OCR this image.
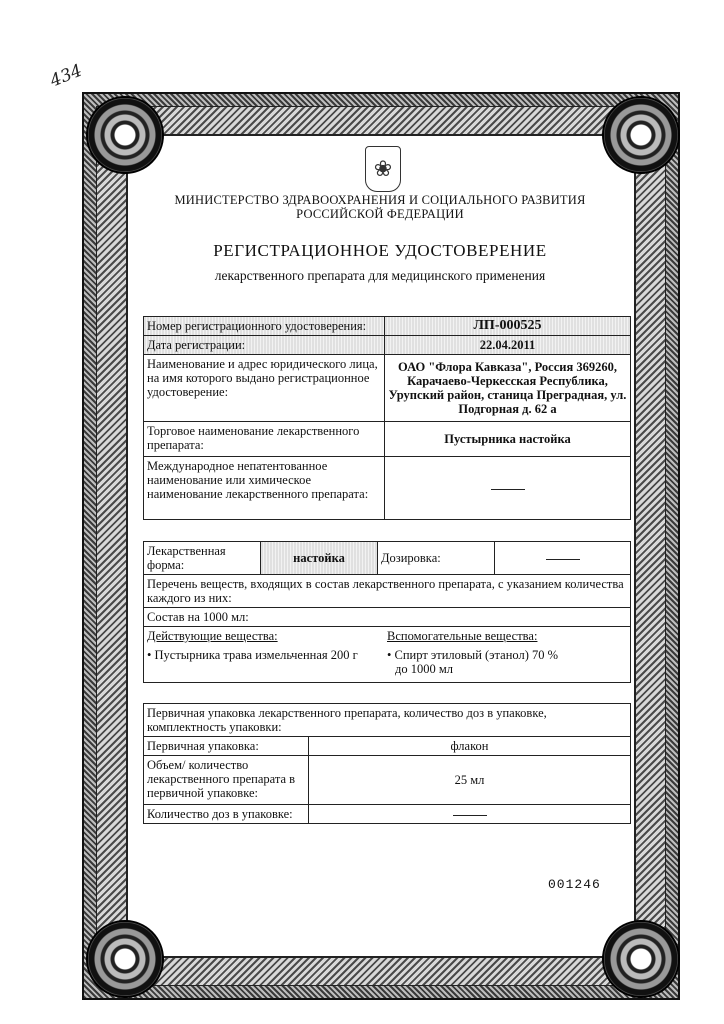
434
❀
МИНИСТЕРСТВО ЗДРАВООХРАНЕНИЯ И СОЦИАЛЬНОГО РАЗВИТИЯ
РОССИЙСКОЙ ФЕДЕРАЦИИ
РЕГИСТРАЦИОННОЕ УДОСТОВЕРЕНИЕ
лекарственного препарата для медицинского применения
Номер регистрационного удостоверения:	ЛП-000525
Дата регистрации:	22.04.2011
Наименование и адрес юридического лица, на имя которого выдано регистрационное удостоверение:	ОАО "Флора Кавказа", Россия 369260, Карачаево-Черкесская Республика, Урупский район, станица Преградная, ул. Подгорная д. 62 а
Торговое наименование лекарственного препарата:	Пустырника настойка
Международное непатентованное наименование или химическое наименование лекарственного препарата:	
Лекарственная форма:	настойка	Дозировка:	
Перечень веществ, входящих в состав лекарственного препарата, с указанием количества каждого из них:
Состав на 1000 мл:

Действующие вещества:
• Пустырника трава измельченная 200 г
Вспомогательные вещества:
• Спирт этиловый (этанол) 70 %
до 1000 мл
Первичная упаковка лекарственного препарата, количество доз в упаковке, комплектность упаковки:	
Первичная упаковка:	флакон
Объем/ количество лекарственного препарата в первичной упаковке:	25 мл
Количество доз в упаковке:	
001246
